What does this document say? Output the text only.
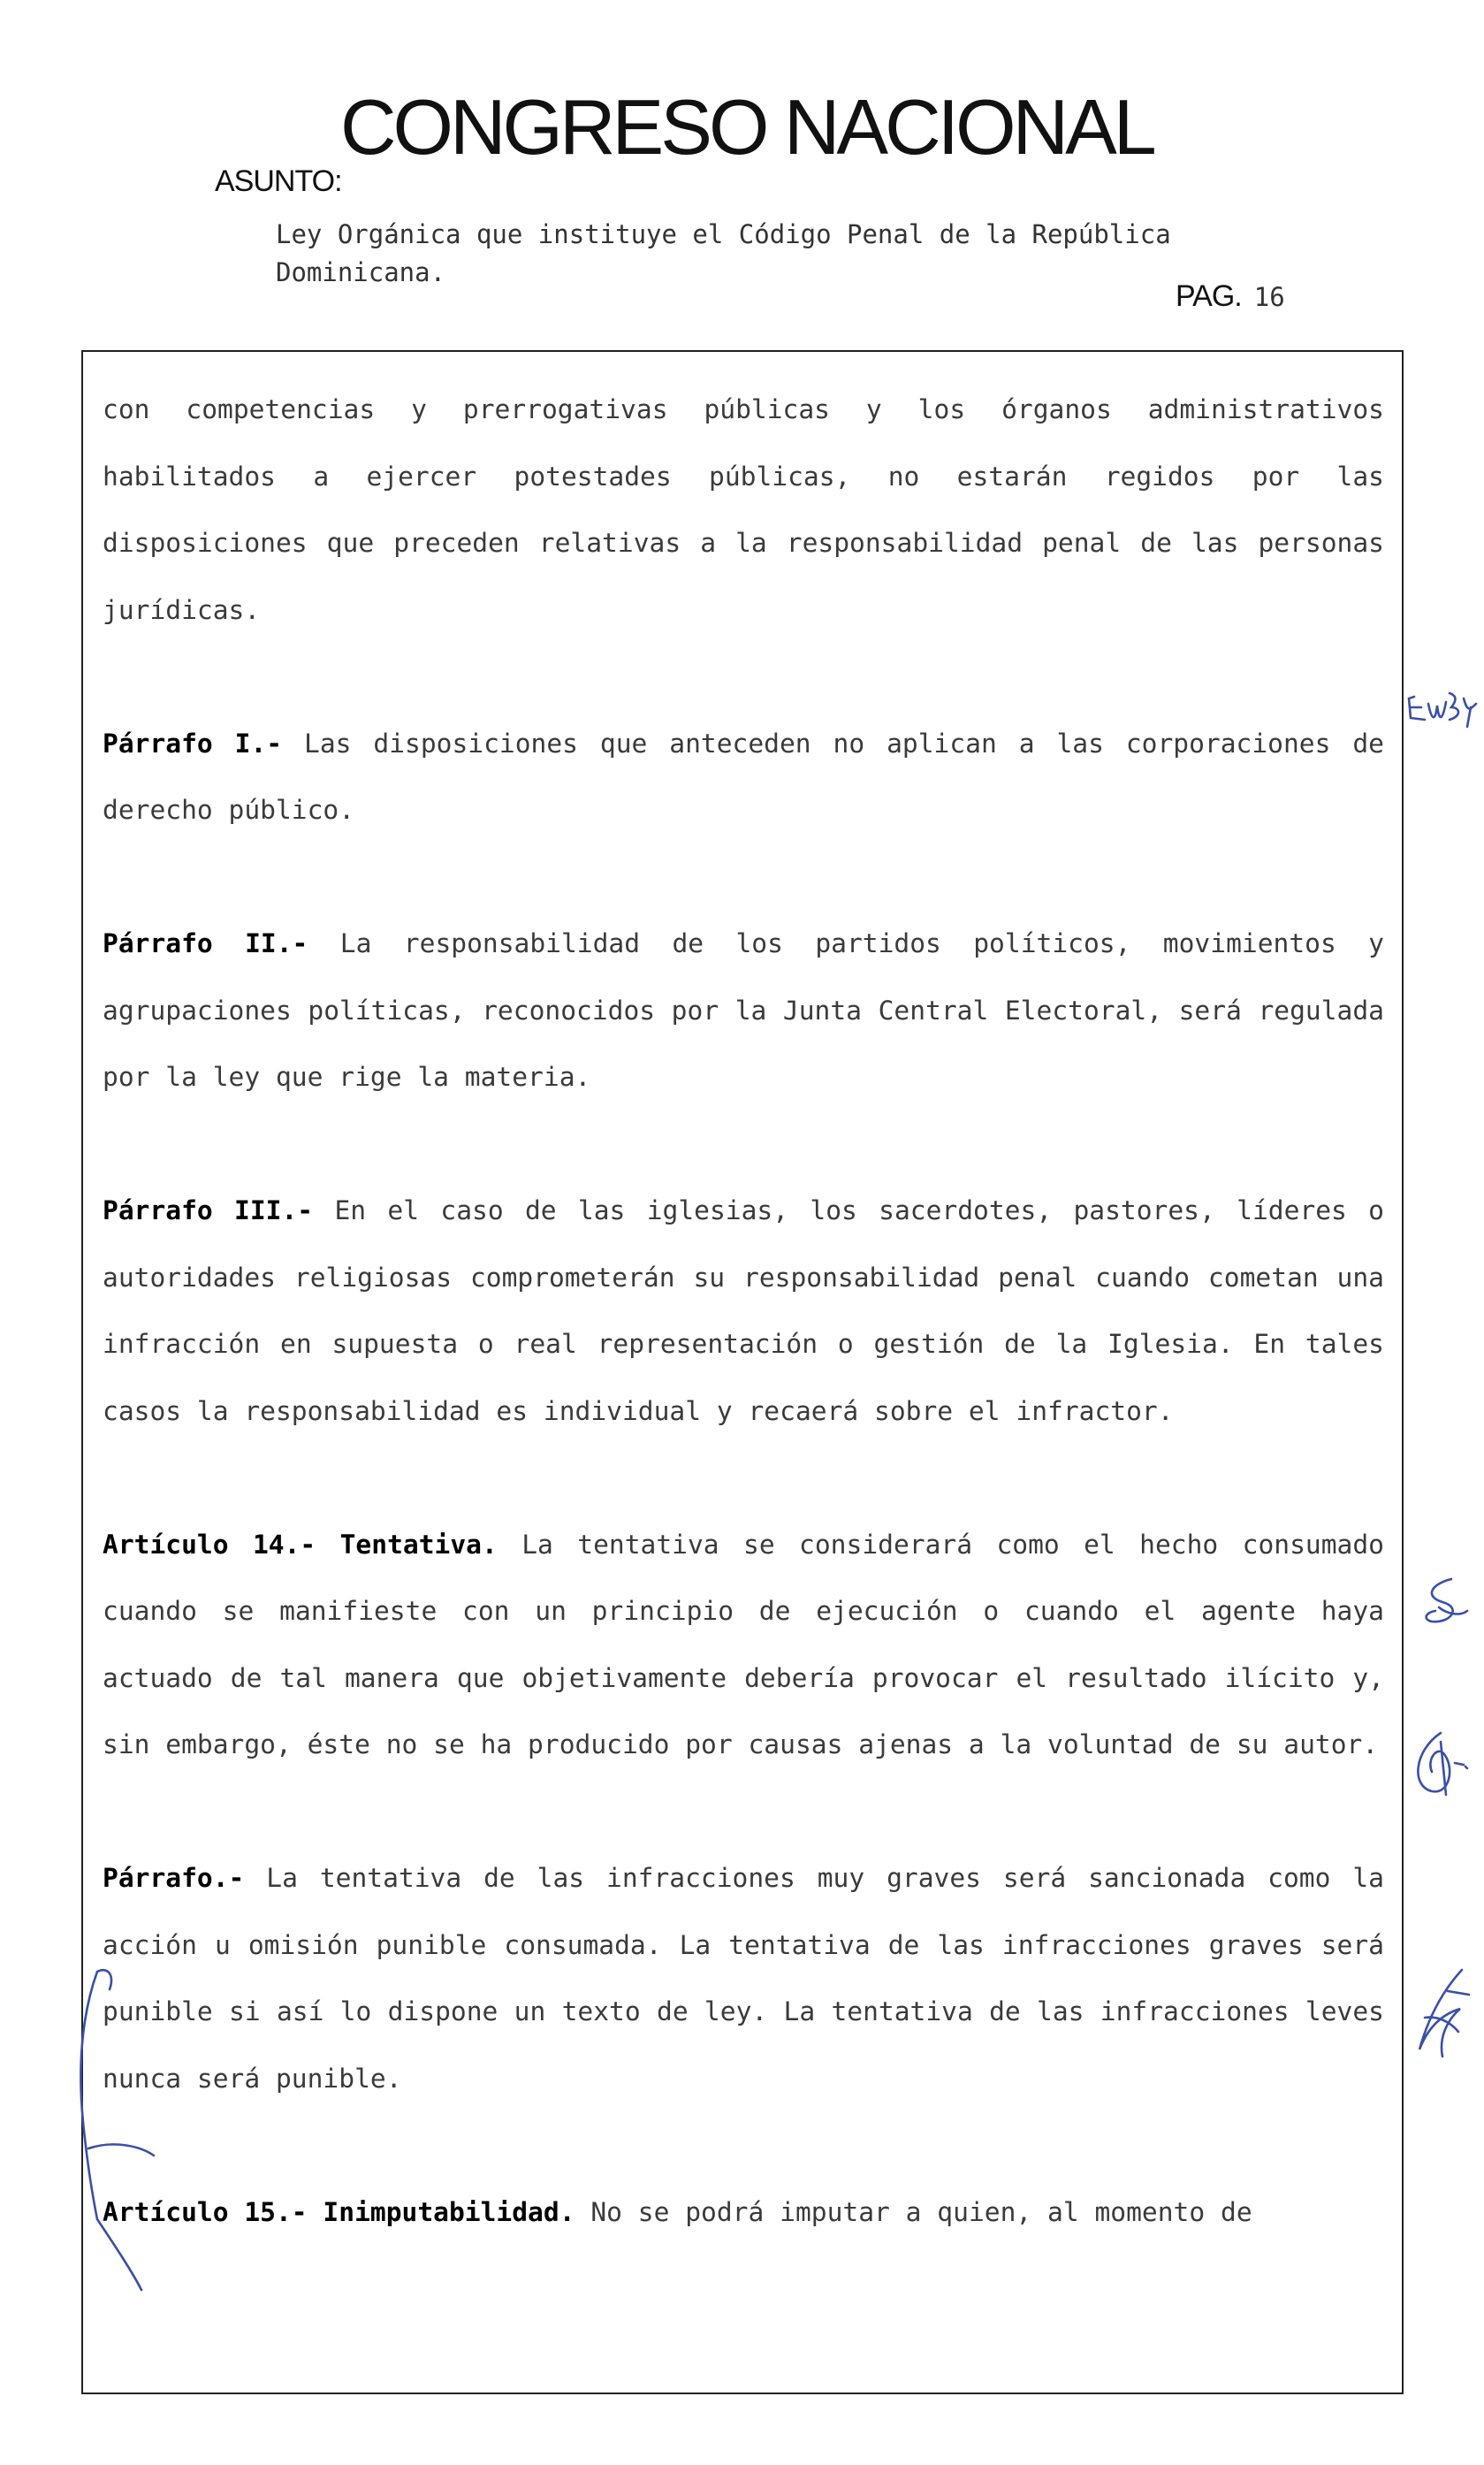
CONGRESO NACIONAL
ASUNTO:
Ley Orgánica que instituye el Código Penal de la República Dominicana.
PAG. 16

con competencias y prerrogativas públicas y los órganos administrativos habilitados a ejercer potestades públicas, no estarán regidos por las disposiciones que preceden relativas a la responsabilidad penal de las personas jurídicas.

Párrafo I.- Las disposiciones que anteceden no aplican a las corporaciones de derecho público.

Párrafo II.- La responsabilidad de los partidos políticos, movimientos y agrupaciones políticas, reconocidos por la Junta Central Electoral, será regulada por la ley que rige la materia.

Párrafo III.- En el caso de las iglesias, los sacerdotes, pastores, líderes o autoridades religiosas comprometerán su responsabilidad penal cuando cometan una infracción en supuesta o real representación o gestión de la Iglesia. En tales casos la responsabilidad es individual y recaerá sobre el infractor.

Artículo 14.- Tentativa. La tentativa se considerará como el hecho consumado cuando se manifieste con un principio de ejecución o cuando el agente haya actuado de tal manera que objetivamente debería provocar el resultado ilícito y, sin embargo, éste no se ha producido por causas ajenas a la voluntad de su autor.

Párrafo.- La tentativa de las infracciones muy graves será sancionada como la acción u omisión punible consumada. La tentativa de las infracciones graves será punible si así lo dispone un texto de ley. La tentativa de las infracciones leves nunca será punible.

Artículo 15.- Inimputabilidad. No se podrá imputar a quien, al momento de
